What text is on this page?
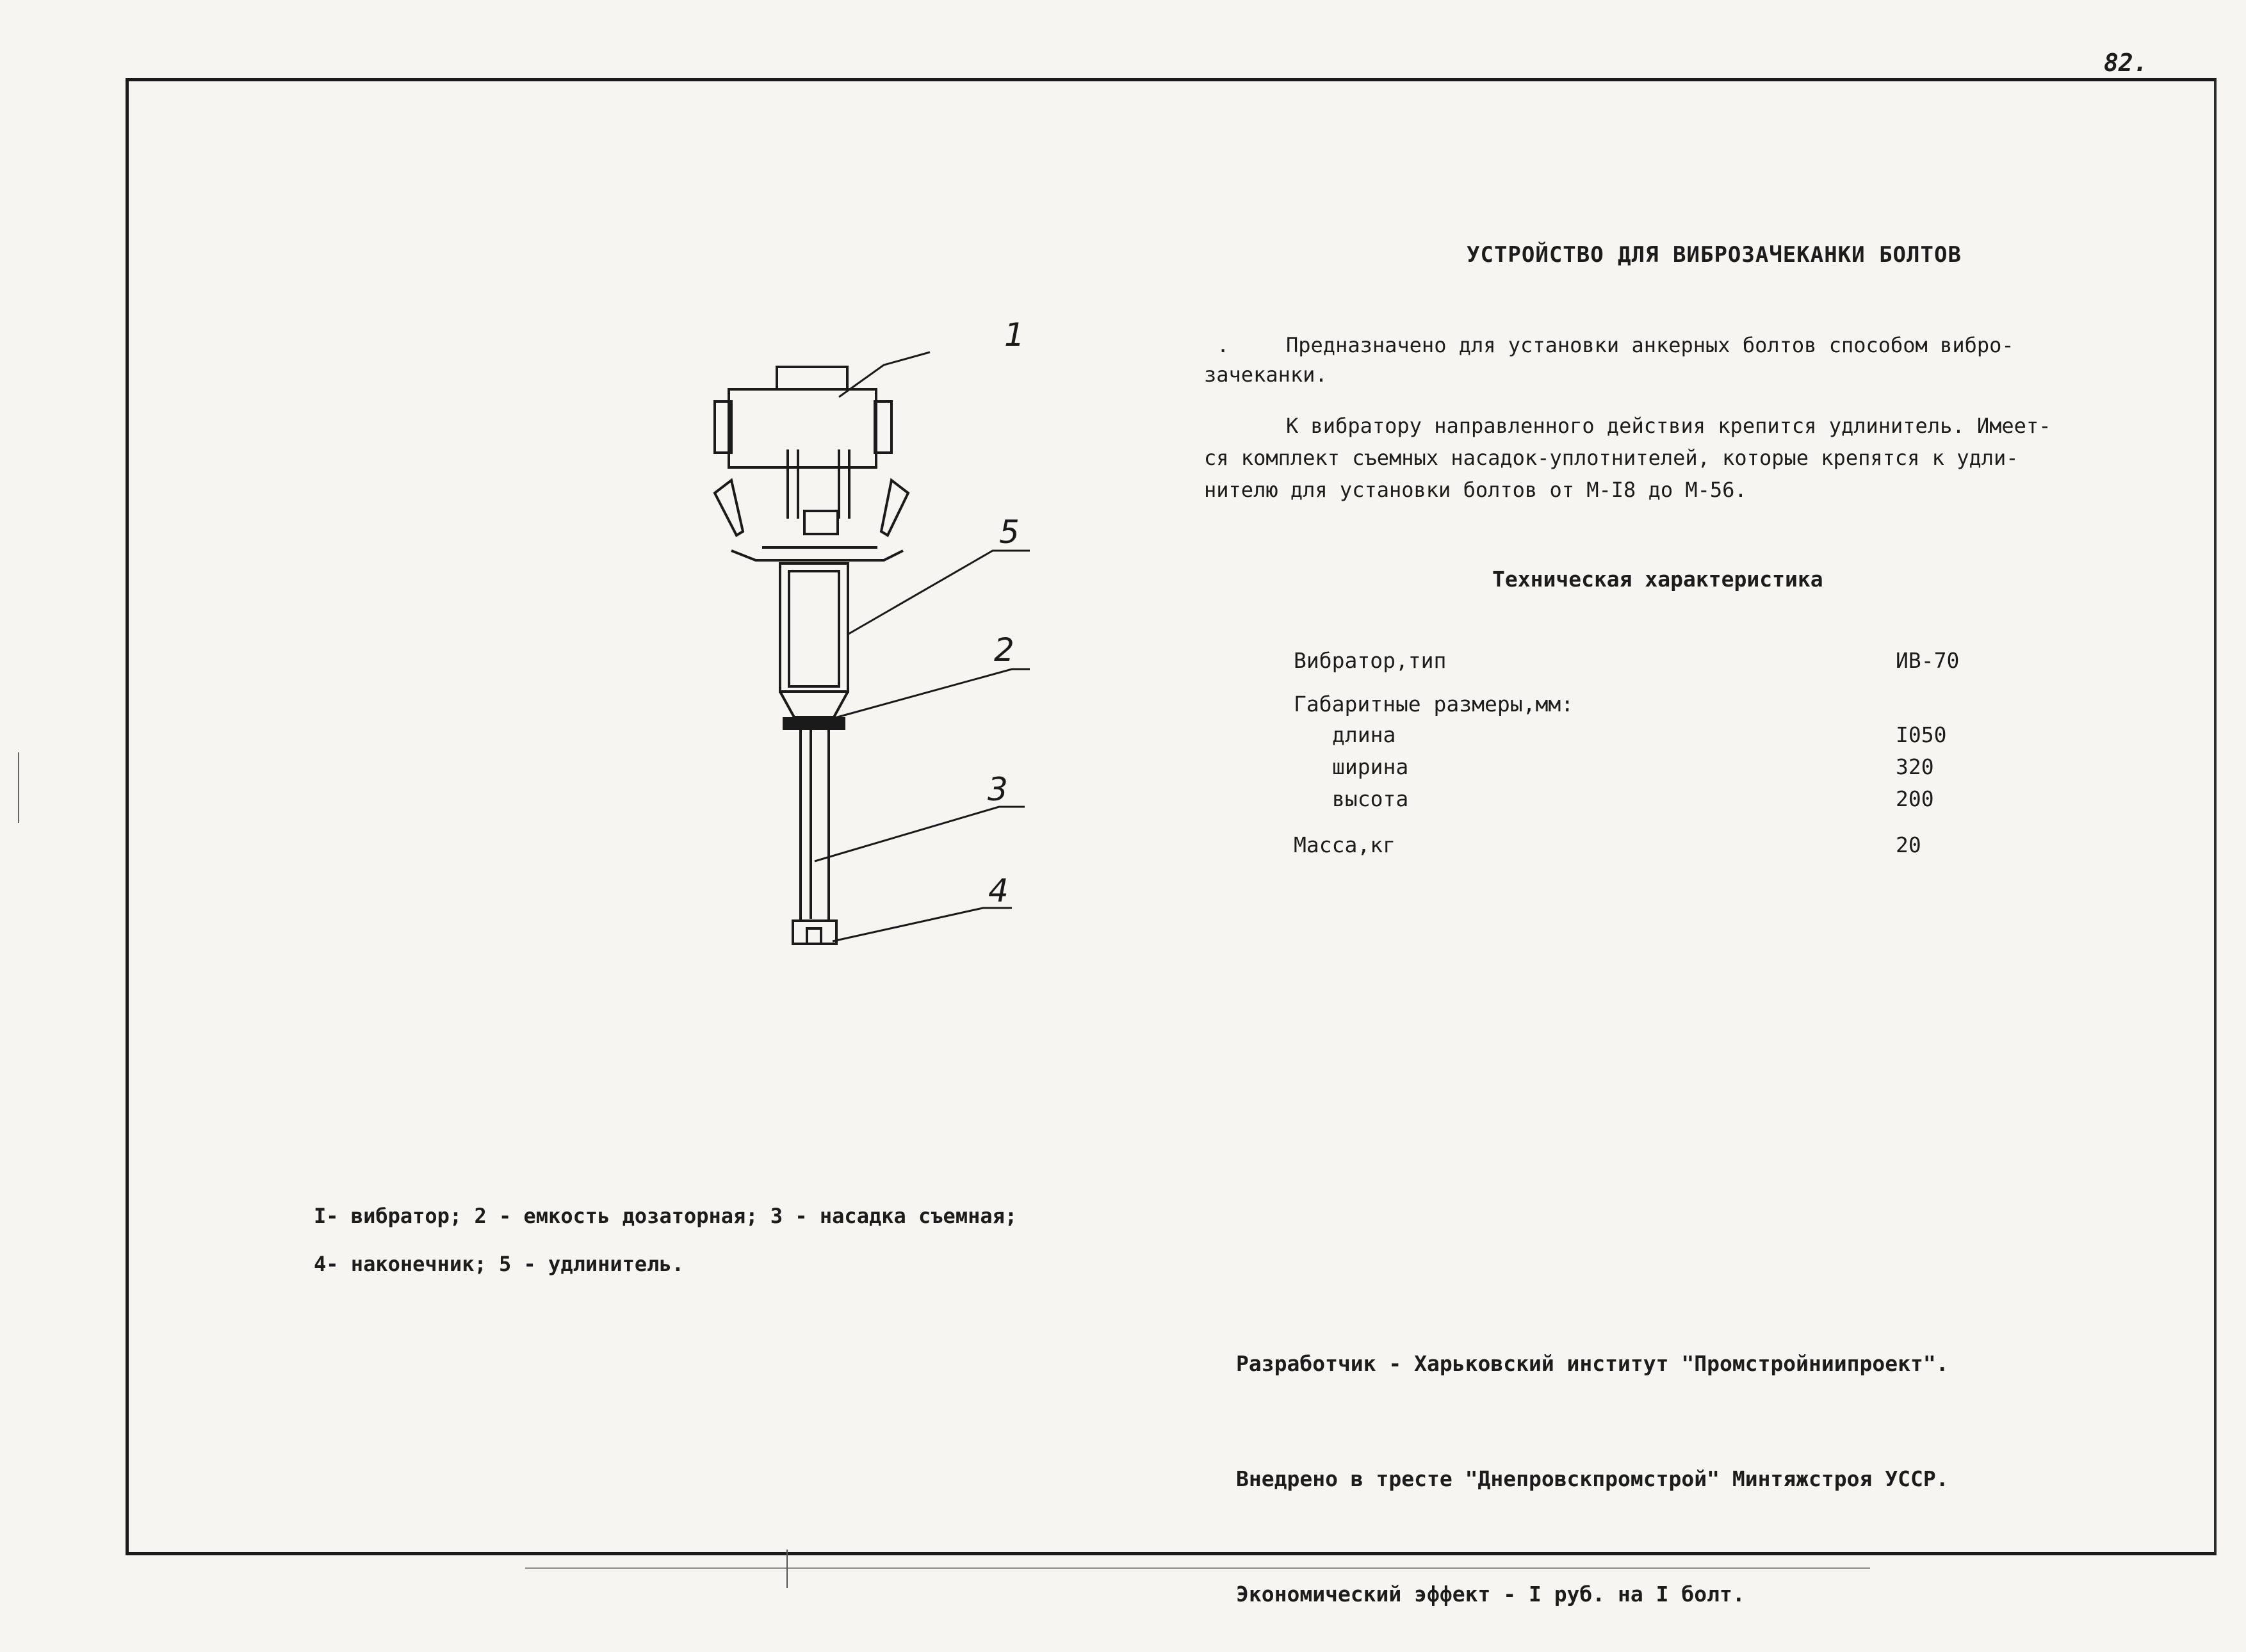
82.
УСТРОЙСТВО ДЛЯ ВИБРОЗАЧЕКАНКИ БОЛТОВ
.	Предназначено для установки анкерных болтов способом вибро-
зачеканки.
К вибратору направленного действия крепится удлинитель. Имеет-
ся комплект съемных насадок-уплотнителей, которые крепятся к удли-
нителю для установки болтов от М-I8 до М-56.
Техническая характеристика
Вибратор,тип	ИВ-70
Габаритные размеры,мм:
длина	I050
ширина	320
высота	200
Масса,кг	20
1
5
2
3
4
I- вибратор; 2 - емкость дозаторная; 3 - насадка съемная;
4- наконечник; 5 - удлинитель.

Разработчик - Харьковский институт "Промстройниипроект".

Внедрено в тресте "Днепровскпромстрой" Минтяжстроя УССР.

Экономический эффект - I руб. на I болт.
